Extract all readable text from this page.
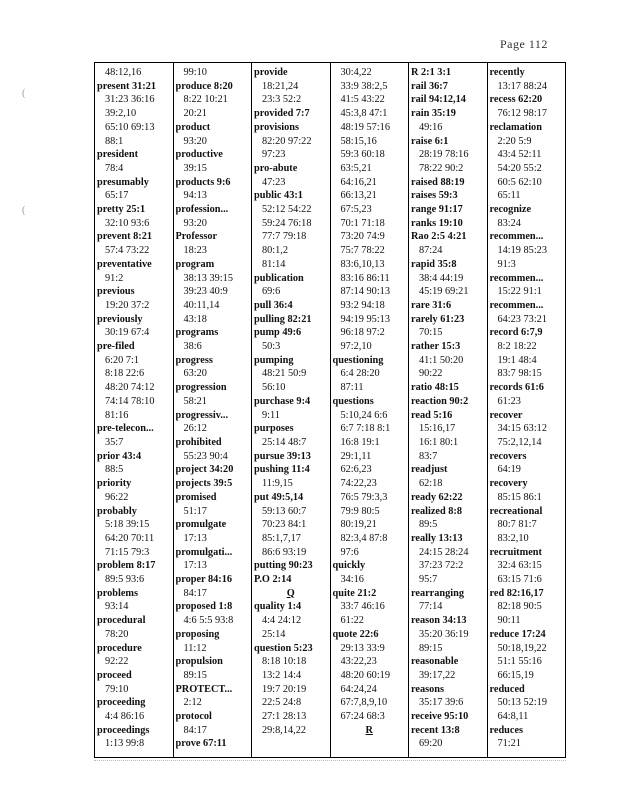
Page 112
(
(
48:12,16
present 31:21
31:23 36:16
39:2,10
65:10 69:13
88:1
president
78:4
presumably
65:17
pretty 25:1
32:10 93:6
prevent 8:21
57:4 73:22
preventative
91:2
previous
19:20 37:2
previously
30:19 67:4
pre-filed
6:20 7:1
8:18 22:6
48:20 74:12
74:14 78:10
81:16
pre-telecon...
35:7
prior 43:4
88:5
priority
96:22
probably
5:18 39:15
64:20 70:11
71:15 79:3
problem 8:17
89:5 93:6
problems
93:14
procedural
78:20
procedure
92:22
proceed
79:10
proceeding
4:4 86:16
proceedings
1:13 99:8
99:10
produce 8:20
8:22 10:21
20:21
product
93:20
productive
39:15
products 9:6
94:13
profession...
93:20
Professor
18:23
program
38:13 39:15
39:23 40:9
40:11,14
43:18
programs
38:6
progress
63:20
progression
58:21
progressiv...
26:12
prohibited
55:23 90:4
project 34:20
projects 39:5
promised
51:17
promulgate
17:13
promulgati...
17:13
proper 84:16
84:17
proposed 1:8
4:6 5:5 93:8
proposing
11:12
propulsion
89:15
PROTECT...
2:12
protocol
84:17
prove 67:11
provide
18:21,24
23:3 52:2
provided 7:7
provisions
82:20 97:22
97:23
pro-abute
47:23
public 43:1
52:12 54:22
59:24 76:18
77:7 79:18
80:1,2
81:14
publication
69:6
pull 36:4
pulling 82:21
pump 49:6
50:3
pumping
48:21 50:9
56:10
purchase 9:4
9:11
purposes
25:14 48:7
pursue 39:13
pushing 11:4
11:9,15
put 49:5,14
59:13 60:7
70:23 84:1
85:1,7,17
86:6 93:19
putting 90:23
P.O 2:14
Q
quality 1:4
4:4 24:12
25:14
question 5:23
8:18 10:18
13:2 14:4
19:7 20:19
22:5 24:8
27:1 28:13
29:8,14,22
30:4,22
33:9 38:2,5
41:5 43:22
45:3,8 47:1
48:19 57:16
58:15,16
59:3 60:18
63:5,21
64:16,21
66:13,21
67:5,23
70:1 71:18
73:20 74:9
75:7 78:22
83:6,10,13
83:16 86:11
87:14 90:13
93:2 94:18
94:19 95:13
96:18 97:2
97:2,10
questioning
6:4 28:20
87:11
questions
5:10,24 6:6
6:7 7:18 8:1
16:8 19:1
29:1,11
62:6,23
74:22,23
76:5 79:3,3
79:9 80:5
80:19,21
82:3,4 87:8
97:6
quickly
34:16
quite 21:2
33:7 46:16
61:22
quote 22:6
29:13 33:9
43:22,23
48:20 60:19
64:24,24
67:7,8,9,10
67:24 68:3
R
R 2:1 3:1
rail 36:7
rail 94:12,14
rain 35:19
49:16
raise 6:1
28:19 78:16
78:22 90:2
raised 88:19
raises 59:3
range 91:17
ranks 19:10
Rao 2:5 4:21
87:24
rapid 35:8
38:4 44:19
45:19 69:21
rare 31:6
rarely 61:23
70:15
rather 15:3
41:1 50:20
90:22
ratio 48:15
reaction 90:2
read 5:16
15:16,17
16:1 80:1
83:7
readjust
62:18
ready 62:22
realized 8:8
89:5
really 13:13
24:15 28:24
37:23 72:2
95:7
rearranging
77:14
reason 34:13
35:20 36:19
89:15
reasonable
39:17,22
reasons
35:17 39:6
receive 95:10
recent 13:8
69:20
recently
13:17 88:24
recess 62:20
76:12 98:17
reclamation
2:20 5:9
43:4 52:11
54:20 55:2
60:5 62:10
65:11
recognize
83:24
recommen...
14:19 85:23
91:3
recommen...
15:22 91:1
recommen...
64:23 73:21
record 6:7,9
8:2 18:22
19:1 48:4
83:7 98:15
records 61:6
61:23
recover
34:15 63:12
75:2,12,14
recovers
64:19
recovery
85:15 86:1
recreational
80:7 81:7
83:2,10
recruitment
32:4 63:15
63:15 71:6
red 82:16,17
82:18 90:5
90:11
reduce 17:24
50:18,19,22
51:1 55:16
66:15,19
reduced
50:13 52:19
64:8,11
reduces
71:21
